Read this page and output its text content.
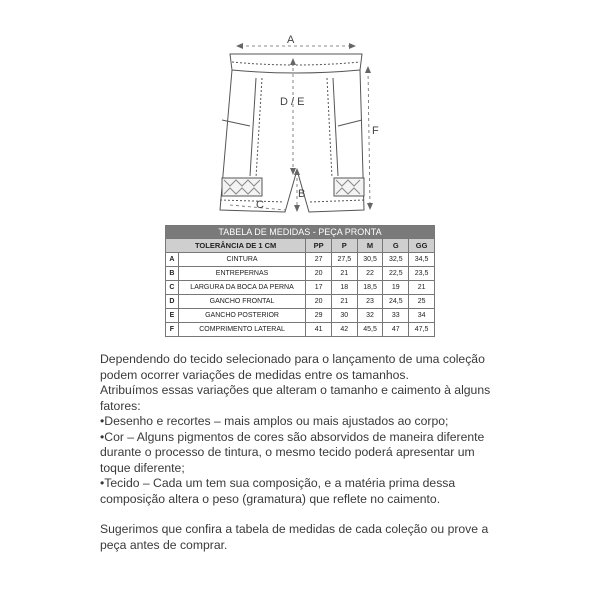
A
D / E
B
C
F
TABELA DE MEDIDAS - PEÇA PRONTA						
TOLERÂNCIA DE 1 CM		PP	P	M	G	GG
A	CINTURA	27	27,5	30,5	32,5	34,5
B	ENTREPERNAS	20	21	22	22,5	23,5
C	LARGURA DA BOCA DA PERNA	17	18	18,5	19	21
D	GANCHO FRONTAL	20	21	23	24,5	25
E	GANCHO POSTERIOR	29	30	32	33	34
F	COMPRIMENTO LATERAL	41	42	45,5	47	47,5

Dependendo do tecido selecionado para o lançamento de uma coleção

podem ocorrer variações de medidas entre os tamanhos.

Atribuímos essas variações que alteram o tamanho e caimento à alguns

fatores:

•Desenho e recortes – mais amplos ou mais ajustados ao corpo;

•Cor – Alguns pigmentos de cores são absorvidos de maneira diferente

durante o processo de tintura, o mesmo tecido poderá apresentar um

toque diferente;

•Tecido – Cada um tem sua composição, e a matéria prima dessa

composição altera o peso (gramatura) que reflete no caimento.

Sugerimos que confira a tabela de medidas de cada coleção ou prove a

peça antes de comprar.
